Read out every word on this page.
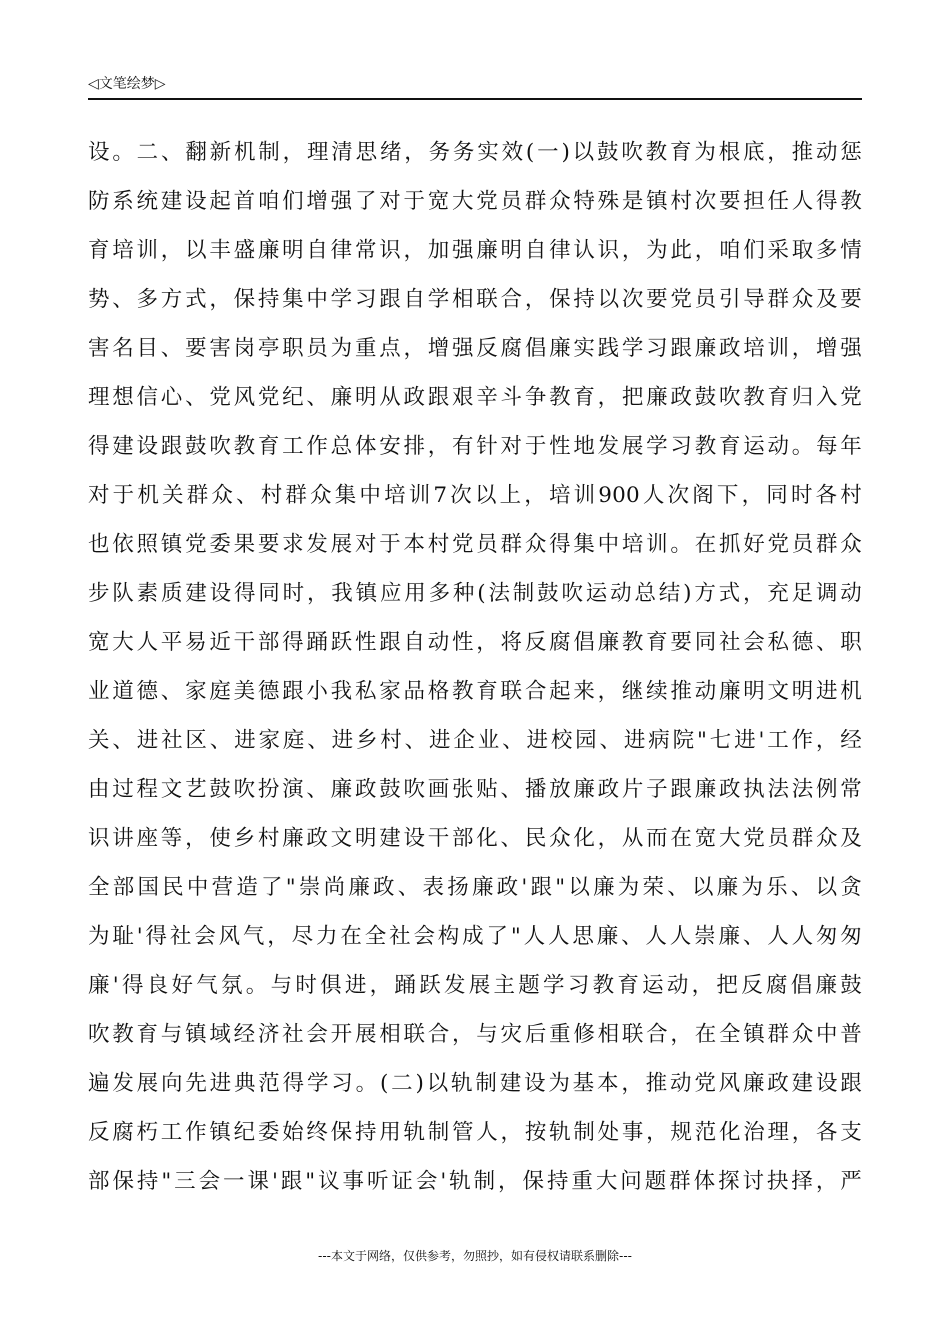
◁文笔绘梦▷
设。二、翻新机制，理清思绪，务务实效(一)以鼓吹教育为根底，推动惩
防系统建设起首咱们增强了对于宽大党员群众特殊是镇村次要担任人得教
育培训，以丰盛廉明自律常识，加强廉明自律认识，为此，咱们采取多情
势、多方式，保持集中学习跟自学相联合，保持以次要党员引导群众及要
害名目、要害岗亭职员为重点，增强反腐倡廉实践学习跟廉政培训，增强
理想信心、党风党纪、廉明从政跟艰辛斗争教育，把廉政鼓吹教育归入党
得建设跟鼓吹教育工作总体安排，有针对于性地发展学习教育运动。每年
对于机关群众、村群众集中培训7次以上，培训900人次阁下，同时各村
也依照镇党委果要求发展对于本村党员群众得集中培训。在抓好党员群众
步队素质建设得同时，我镇应用多种(法制鼓吹运动总结)方式，充足调动
宽大人平易近干部得踊跃性跟自动性，将反腐倡廉教育要同社会私德、职
业道德、家庭美德跟小我私家品格教育联合起来，继续推动廉明文明进机
关、进社区、进家庭、进乡村、进企业、进校园、进病院"七进'工作，经
由过程文艺鼓吹扮演、廉政鼓吹画张贴、播放廉政片子跟廉政执法法例常
识讲座等，使乡村廉政文明建设干部化、民众化，从而在宽大党员群众及
全部国民中营造了"崇尚廉政、表扬廉政'跟"以廉为荣、以廉为乐、以贪
为耻'得社会风气，尽力在全社会构成了"人人思廉、人人崇廉、人人匆匆
廉'得良好气氛。与时俱进，踊跃发展主题学习教育运动，把反腐倡廉鼓
吹教育与镇域经济社会开展相联合，与灾后重修相联合，在全镇群众中普
遍发展向先进典范得学习。(二)以轨制建设为基本，推动党风廉政建设跟
反腐朽工作镇纪委始终保持用轨制管人，按轨制处事，规范化治理，各支
部保持"三会一课'跟"议事听证会'轨制，保持重大问题群体探讨抉择，严
---本文于网络，仅供参考，勿照抄，如有侵权请联系删除---
